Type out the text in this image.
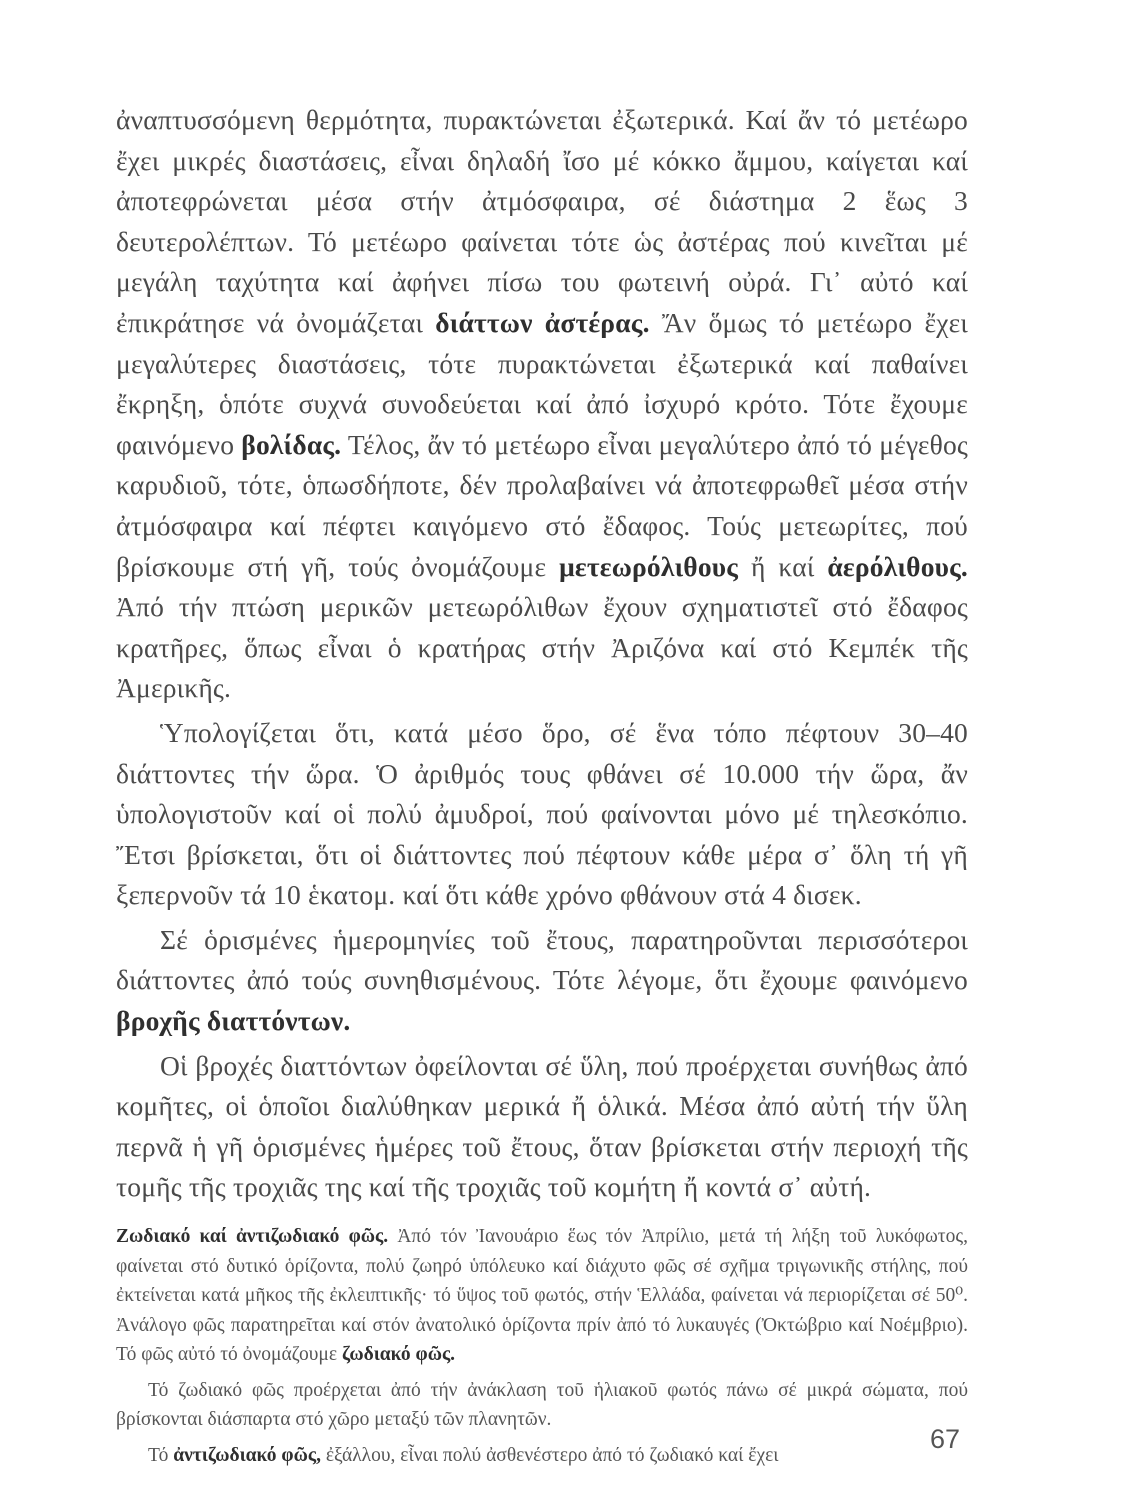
ἀναπτυσσόμενη θερμότητα, πυρακτώνεται ἐξωτερικά. Καί ἄν τό μετέωρο ἔχει μικρές διαστάσεις, εἶναι δηλαδή ἴσο μέ κόκκο ἄμμου, καίγεται καί ἀποτεφρώνεται μέσα στήν ἀτμόσφαιρα, σέ διάστημα 2 ἕως 3 δευτερολέπτων. Τό μετέωρο φαίνεται τότε ὡς ἀστέρας πού κινεῖται μέ μεγάλη ταχύτητα καί ἀφήνει πίσω του φωτεινή οὐρά. Γι᾿ αὐτό καί ἐπικράτησε νά ὀνομάζεται διάττων ἀστέρας. Ἄν ὅμως τό μετέωρο ἔχει μεγαλύτερες διαστάσεις, τότε πυρακτώνεται ἐξωτερικά καί παθαίνει ἔκρηξη, ὁπότε συχνά συνοδεύεται καί ἀπό ἰσχυρό κρότο. Τότε ἔχουμε φαινόμενο βολίδας. Τέλος, ἄν τό μετέωρο εἶναι μεγαλύτερο ἀπό τό μέγεθος καρυδιοῦ, τότε, ὁπωσδήποτε, δέν προλαβαίνει νά ἀποτεφρωθεῖ μέσα στήν ἀτμόσφαιρα καί πέφτει καιγόμενο στό ἔδαφος. Τούς μετεωρίτες, πού βρίσκουμε στή γῆ, τούς ὀνομάζουμε μετεωρόλιθους ἤ καί ἀερόλιθους. Ἀπό τήν πτώση μερικῶν μετεωρόλιθων ἔχουν σχηματιστεῖ στό ἔδαφος κρατῆρες, ὅπως εἶναι ὁ κρατήρας στήν Ἀριζόνα καί στό Κεμπέκ τῆς Ἀμερικῆς.

Ὑπολογίζεται ὅτι, κατά μέσο ὅρο, σέ ἕνα τόπο πέφτουν 30–40 διάττοντες τήν ὥρα. Ὁ ἀριθμός τους φθάνει σέ 10.000 τήν ὥρα, ἄν ὑπολογιστοῦν καί οἱ πολύ ἀμυδροί, πού φαίνονται μόνο μέ τηλεσκόπιο. Ἔτσι βρίσκεται, ὅτι οἱ διάττοντες πού πέφτουν κάθε μέρα σ᾿ ὅλη τή γῆ ξεπερνοῦν τά 10 ἑκατομ. καί ὅτι κάθε χρόνο φθάνουν στά 4 δισεκ.

Σέ ὁρισμένες ἡμερομηνίες τοῦ ἔτους, παρατηροῦνται περισσότεροι διάττοντες ἀπό τούς συνηθισμένους. Τότε λέγομε, ὅτι ἔχουμε φαινόμενο βροχῆς διαττόντων.

Οἱ βροχές διαττόντων ὀφείλονται σέ ὕλη, πού προέρχεται συνήθως ἀπό κομῆτες, οἱ ὁποῖοι διαλύθηκαν μερικά ἤ ὁλικά. Μέσα ἀπό αὐτή τήν ὕλη περνᾶ ἡ γῆ ὁρισμένες ἡμέρες τοῦ ἔτους, ὅταν βρίσκεται στήν περιοχή τῆς τομῆς τῆς τροχιᾶς της καί τῆς τροχιᾶς τοῦ κομήτη ἤ κοντά σ᾿ αὐτή.

Ζωδιακό καί ἀντιζωδιακό φῶς. Ἀπό τόν Ἰανουάριο ἕως τόν Ἀπρίλιο, μετά τή λήξη τοῦ λυκόφωτος, φαίνεται στό δυτικό ὁρίζοντα, πολύ ζωηρό ὑπόλευκο καί διάχυτο φῶς σέ σχῆμα τριγωνικῆς στήλης, πού ἐκτείνεται κατά μῆκος τῆς ἐκλειπτικῆς· τό ὕψος τοῦ φωτός, στήν Ἑλλάδα, φαίνεται νά περιορίζεται σέ 50⁰. Ἀνάλογο φῶς παρατηρεῖται καί στόν ἀνατολικό ὁρίζοντα πρίν ἀπό τό λυκαυγές (Ὀκτώβριο καί Νοέμβριο). Τό φῶς αὐτό τό ὀνομάζουμε ζωδιακό φῶς.

Τό ζωδιακό φῶς προέρχεται ἀπό τήν ἀνάκλαση τοῦ ἡλιακοῦ φωτός πάνω σέ μικρά σώματα, πού βρίσκονται διάσπαρτα στό χῶρο μεταξύ τῶν πλανητῶν.

Τό ἀντιζωδιακό φῶς, ἐξάλλου, εἶναι πολύ ἀσθενέστερο ἀπό τό ζωδιακό καί ἔχει

67
